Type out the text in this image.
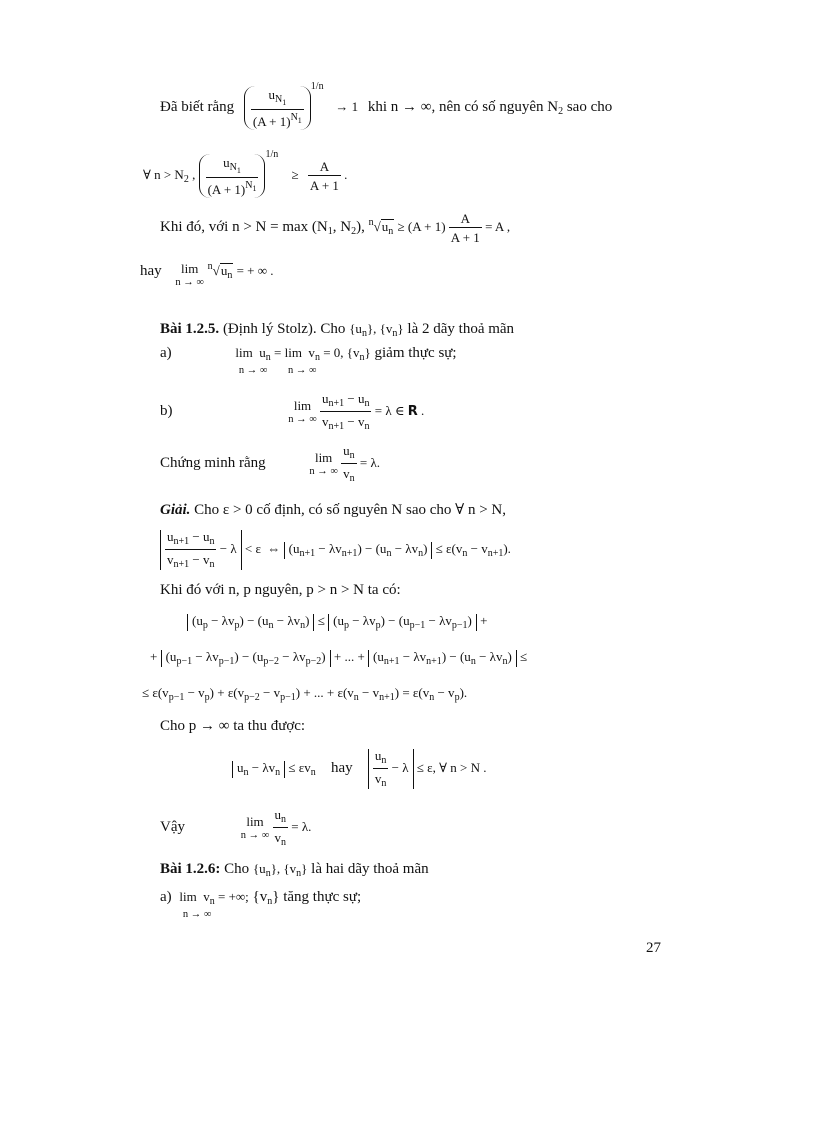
Đã biết rằng $\frac{u_{N_1}}{(A + 1)^{N_1}}$
$^{1/n}$ → 1 khi n → ∞, nên có số nguyên $N_2$ sao cho
∀ $n > N_2$ , $\frac{u_{N_1}}{(A + 1)^{N_1}}$
$^{1/n} \ge \frac{A}{A + 1}$ .
Khi đó, với $n > N = \max (N_1$, $N_2$), $^n√u_n \ge (A + 1) \frac{A}{A + 1} = A$ ,
hay lim
n → ∞
$^n√u_n$ = + ∞ .
Bài 1.2.5. (Định lý Stolz). Cho $\{u_n\}$, $\{v_n\}$ là 2 dãy thoả mãn
a)	$\lim u_n$
n → ∞
= $\lim v_n$
n → ∞
= 0, $\{v_n\}$ giảm thực sự;
b)	lim
n → ∞
$\frac{u_{n+1} - u_n}{v_{n+1} - v_n} = \lambda$ ∈ R .
Chứng minh rằng	lim
n → ∞
$\frac{u_n}{v_n} = \lambda$.
Giải. Cho ε > 0 cố định, có số nguyên N sao cho ∀ n > N,
$\frac{u_{n+1} - u_n}{v_{n+1} - v_n} - \lambda < \varepsilon$  ⇔ $(u_{n+1} - \lambda v_{n+1}) - (u_n - \lambda v_n) \le \varepsilon(v_n - v_{n+1})$.
Khi đó với n, p nguyên, p > n > N ta có:
$(u_p - \lambda v_p) - (u_n - \lambda v_n) \le (u_p - \lambda v_p) - (u_{p-1} - \lambda v_{p-1})$ +
+ $(u_{p-1} - \lambda v_{p-1}) - (u_{p-2} - \lambda v_{p-2})$ + ... + $(u_{n+1} - \lambda v_{n+1}) - (u_n - \lambda v_n)$ ≤
≤ $\varepsilon(v_{p-1} - v_p) + \varepsilon(v_{p-2} - v_{p-1})$ + ... + $\varepsilon(v_n - v_{n+1}) = \varepsilon(v_n - v_p)$.
Cho p → ∞ ta thu được:
$u_n - \lambda v_n \le \varepsilon v_n$ hay $\frac{u_n}{v_n} - \lambda \le \varepsilon$, ∀ n > N .
Vậy	lim
n → ∞
$\frac{u_n}{v_n} = \lambda$.
Bài 1.2.6: Cho $\{u_n\}$, $\{v_n\}$ là hai dãy thoả mãn
a) $\lim v_n$
n → ∞
= +∞; $\{v_n\}$ tăng thực sự;
27
